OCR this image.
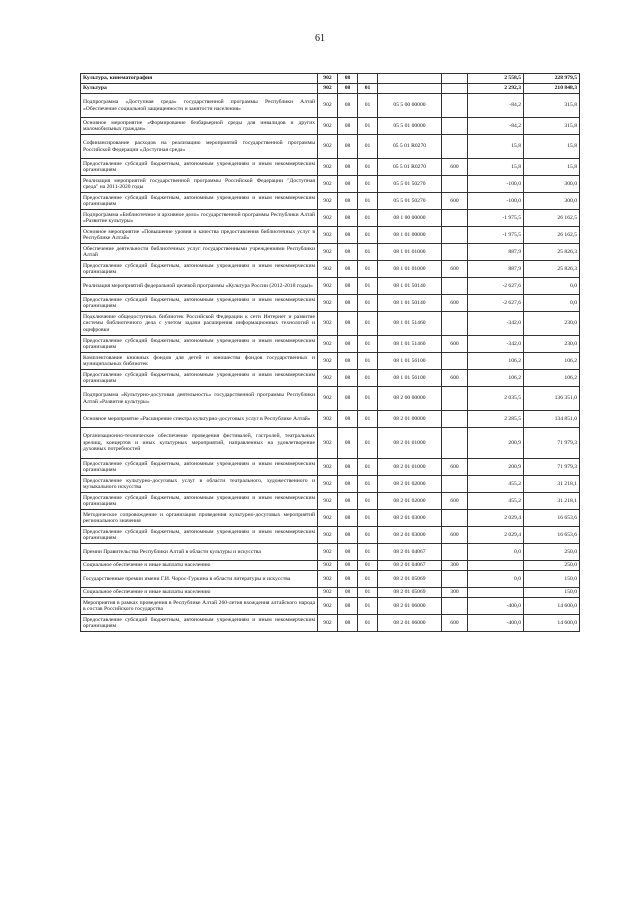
61
Культура, кинематография	902	08				2 558,5	228 979,5
Культура	902	08	01			2 292,3	210 848,3
Подпрограмма «Доступная среда» государственной программы Республики Алтай «Обеспечение социальной защищенности и занятости населения»	902	08	01	05 5 00 00000		-84,2	315,8
Основное мероприятие «Формирование безбарьерной среды для инвалидов и других маломобильных граждан»	902	08	01	05 5 01 00000		-84,2	315,8
Софинансирование расходов на реализацию мероприятий государственной программы Российской Федерации «Доступная среда»	902	08	01	05 5 01 R0270		15,8	15,8
Предоставление субсидий бюджетным, автономным учреждениям и иным некоммерческим организациям	902	08	01	05 5 01 R0270	600	15,8	15,8
Реализация мероприятий государственной программы Российской Федерации "Доступная среда" на 2011-2020 годы	902	08	01	05 5 01 50270		-100,0	300,0
Предоставление субсидий бюджетным, автономным учреждениям и иным некоммерческим организациям	902	08	01	05 5 01 50270	600	-100,0	300,0
Подпрограмма «Библиотечное и архивное дело» государственной программы Республики Алтай «Развитие культуры»	902	08	01	08 1 00 00000		-1 975,5	26 162,5
Основное мероприятие «Повышение уровня и качества предоставления библиотечных услуг в Республике Алтай»	902	08	01	08 1 01 00000		-1 975,5	26 162,5
Обеспечение деятельности библиотечных услуг государственными учреждениями Республики Алтай	902	08	01	08 1 01 01000		887,9	25 826,3
Предоставление субсидий бюджетным, автономным учреждениям и иным некоммерческим организациям	902	08	01	08 1 01 01000	600	887,9	25 826,3
Реализация мероприятий федеральной целевой программы «Культура России (2012-2018 годы)»	902	08	01	08 1 01 50140		-2 627,6	0,0
Предоставление субсидий бюджетным, автономным учреждениям и иным некоммерческим организациям	902	08	01	08 1 01 50140	600	-2 627,6	0,0
Подключение общедоступных библиотек Российской Федерации к сети Интернет и развитие системы библиотечного дела с учетом задачи расширения информационных технологий и оцифровки	902	08	01	08 1 01 51460		-342,0	230,0
Предоставление субсидий бюджетным, автономным учреждениям и иным некоммерческим организациям	902	08	01	08 1 01 51460	600	-342,0	230,0
Комплектование книжных фондов для детей и юношества фондов государственных и муниципальных библиотек	902	08	01	08 1 01 56100		106,2	106,2
Предоставление субсидий бюджетным, автономным учреждениям и иным некоммерческим организациям	902	08	01	08 1 01 56100	600	106,2	106,2
Подпрограмма «Культурно-досуговая деятельность» государственной программы Республики Алтай «Развитие культуры»	902	08	01	08 2 00 00000		2 035,5	136 351,0
Основное мероприятие «Расширение спектра культурно-досуговых услуг в Республике Алтай»	902	08	01	08 2 01 00000		2 285,5	134 851,0
Организационно-техническое обеспечение проведения фестивалей, гастролей, театральных зрелищ, концертов и иных культурных мероприятий, направленных на удовлетворение духовных потребностей	902	08	01	08 2 01 01000		200,9	71 979,3
Предоставление субсидий бюджетным, автономным учреждениям и иным некоммерческим организациям	902	08	01	08 2 01 01000	600	200,9	71 979,3
Предоставление культурно-досуговых услуг в области театрального, художественного и музыкального искусства	902	08	01	08 2 01 02000		455,2	31 218,1
Предоставление субсидий бюджетным, автономным учреждениям и иным некоммерческим организациям	902	08	01	08 2 01 02000	600	455,2	31 218,1
Методическое сопровождение и организация проведения культурно-досуговых мероприятий регионального значения	902	08	01	08 2 01 03000		2 029,4	16 653,6
Предоставление субсидий бюджетным, автономным учреждениям и иным некоммерческим организациям	902	08	01	08 2 01 03000	600	2 029,4	16 653,6
Премии Правительства Республики Алтай в области культуры и искусства	902	08	01	08 2 01 04067		0,0	250,0
Социальное обеспечение и иные выплаты населению	902	08	01	08 2 01 04067	300		250,0
Государственные премии имени Г.И. Чорос-Гуркина в области литературы и искусства	902	08	01	08 2 01 05069		0,0	150,0
Социальное обеспечение и иные выплаты населению	902	08	01	08 2 01 05069	300		150,0
Мероприятия в рамках проведения в Республике Алтай 260-летия вхождения алтайского народа в состав Российского государства	902	08	01	08 2 01 06000		-400,0	14 600,0
Предоставление субсидий бюджетным, автономным учреждениям и иным некоммерческим организациям	902	08	01	08 2 01 06000	600	-400,0	14 600,0
